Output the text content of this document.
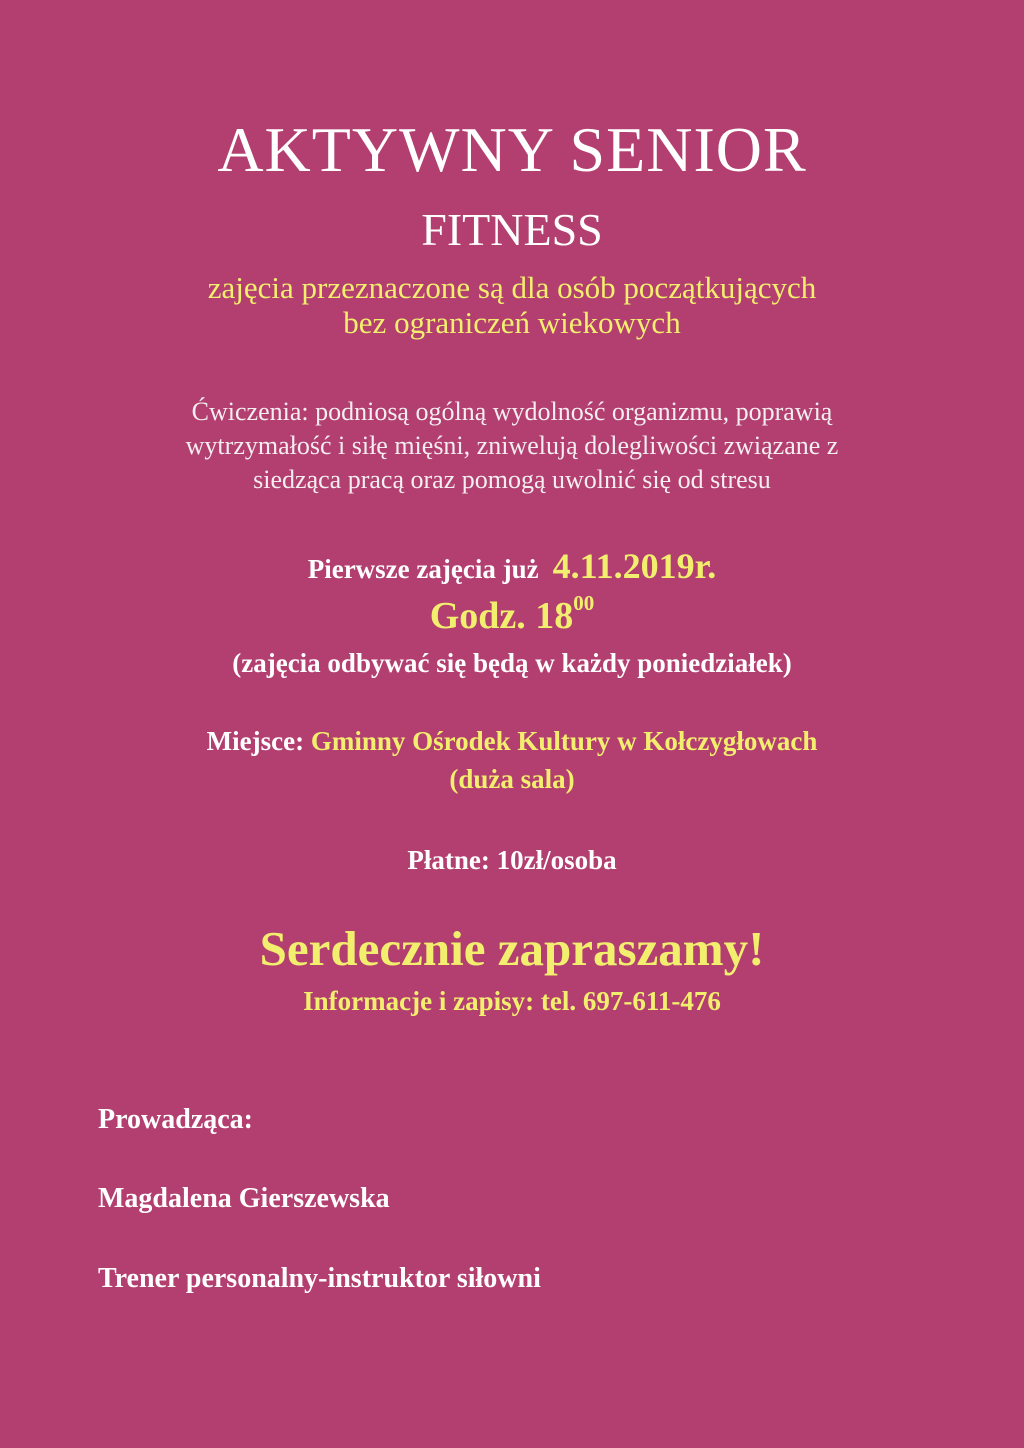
AKTYWNY SENIOR
FITNESS
zajęcia przeznaczone są dla osób początkujących
bez ograniczeń wiekowych
Ćwiczenia: podniosą ogólną wydolność organizmu, poprawią
wytrzymałość i siłę mięśni, zniwelują dolegliwości związane z
siedząca pracą oraz pomogą uwolnić się od stresu
Pierwsze zajęcia już 4.11.2019r.
Godz. $18^{00}$
(zajęcia odbywać się będą w każdy poniedziałek)
Miejsce: Gminny Ośrodek Kultury w Kołczygłowach
(duża sala)
Płatne: 10zł/osoba
Serdecznie zapraszamy!
Informacje i zapisy: tel. 697-611-476
Prowadząca:
Magdalena Gierszewska
Trener personalny-instruktor siłowni
